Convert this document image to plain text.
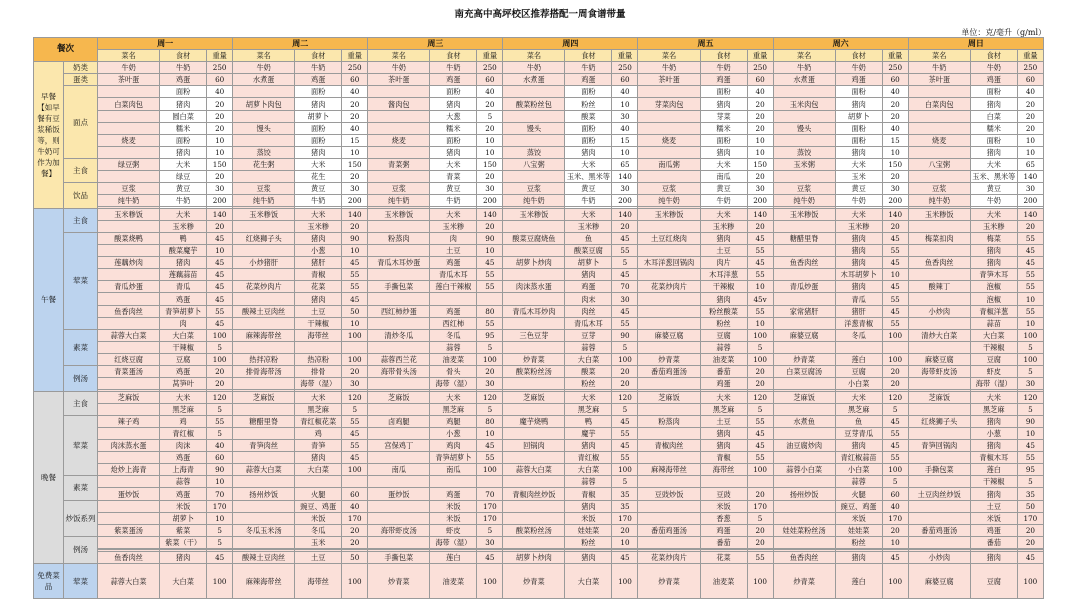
南充高中高坪校区推荐搭配一周食谱带量
单位：克/毫升（g/ml）
餐次		周一			周二			周三			周四			周五			周六			周日		
		菜名	食材	重量	菜名	食材	重量	菜名	食材	重量	菜名	食材	重量	菜名	食材	重量	菜名	食材	重量	菜名	食材	重量
早餐【如早餐有豆浆稀饭等，则牛奶可作为加餐】	奶类	牛奶	牛奶	250	牛奶	牛奶	250	牛奶	牛奶	250	牛奶	牛奶	250	牛奶	牛奶	250	牛奶	牛奶	250	牛奶	牛奶	250
	蛋类	茶叶蛋	鸡蛋	60	水煮蛋	鸡蛋	60	茶叶蛋	鸡蛋	60	水煮蛋	鸡蛋	60	茶叶蛋	鸡蛋	60	水煮蛋	鸡蛋	60	茶叶蛋	鸡蛋	60
	面点		面粉	40		面粉	40		面粉	40		面粉	40		面粉	40		面粉	40		面粉	40
		白菜肉包	猪肉	20	胡萝卜肉包	猪肉	20	酱肉包	猪肉	20	酸菜粉丝包	粉丝	10	芽菜肉包	猪肉	20	玉米肉包	猪肉	20	白菜肉包	猪肉	20
			圆白菜	20		胡萝卜	20		大葱	5		酸菜	30		芽菜	20		胡萝卜	20		白菜	20
			糯米	20	馒头	面粉	40		糯米	20	馒头	面粉	40		糯米	20	馒头	面粉	40		糯米	20
		烧麦	面粉	10		面粉	15	烧麦	面粉	10		面粉	15	烧麦	面粉	10		面粉	15	烧麦	面粉	10
			猪肉	10	蒸饺	猪肉	10		猪肉	10	蒸饺	猪肉	10		猪肉	10	蒸饺	猪肉	10		猪肉	10
	主食	绿豆粥	大米	150	花生粥	大米	150	青菜粥	大米	150	八宝粥	大米	65	南瓜粥	大米	150	玉米粥	大米	150	八宝粥	大米	65
			绿豆	20		花生	20		青菜	20		玉米、黑米等	140		南瓜	20		玉米	20		玉米、黑米等	140
	饮品	豆浆	黄豆	30	豆浆	黄豆	30	豆浆	黄豆	30	豆浆	黄豆	30	豆浆	黄豆	30	豆浆	黄豆	30	豆浆	黄豆	30
		纯牛奶	牛奶	200	纯牛奶	牛奶	200	纯牛奶	牛奶	200	纯牛奶	牛奶	200	纯牛奶	牛奶	200	纯牛奶	牛奶	200	纯牛奶	牛奶	200

午餐	主食	玉米糁饭	大米	140	玉米糁饭	大米	140	玉米糁饭	大米	140	玉米糁饭	大米	140	玉米糁饭	大米	140	玉米糁饭	大米	140	玉米糁饭	大米	140
			玉米糁	20		玉米糁	20		玉米糁	20		玉米糁	20		玉米糁	20		玉米糁	20		玉米糁	20
	荤菜	酸菜烧鸭	鸭	45	红烧狮子头	猪肉	90	粉蒸肉	肉	90	酸菜豆腐烧鱼	鱼	45	土豆红烧肉	猪肉	45	糖醋里脊	猪肉	45	梅菜扣肉	梅菜	55
			酸菜魔芋	10		小葱	10		土豆	10		酸菜豆腐	55		土豆	55		猪肉	55		猪肉	45
		莲藕炒肉	猪肉	45	小炒猪肝	猪肝	45	青瓜木耳炒蛋	鸡蛋	45	胡萝卜炒肉	胡萝卜	5	木耳洋葱回锅肉	肉片	45	鱼香肉丝	猪肉	45	鱼香肉丝	猪肉	45
			莲藕蒜苗	45		青椒	55		青瓜木耳	55		猪肉	45		木耳洋葱	55		木耳胡萝卜	10		青笋木耳	55
		青瓜炒蛋	青瓜	45	花菜炒肉片	花菜	55	手撕包菜	莲白干辣椒	55	肉沫蒸水蛋	鸡蛋	70	花菜炒肉片	干辣椒	10	青瓜炒蛋	猪肉	45	酸辣丁	泡椒	55
			鸡蛋	45		猪肉	45					肉末	30		猪肉	45v		青瓜	55		泡椒	10
		鱼香肉丝	青笋胡萝卜	55	酸辣土豆肉丝	土豆	50	西红柿炒蛋	鸡蛋	80	青瓜木耳炒肉	肉丝	45		粉丝酸菜	55	家常猪肝	猪肝	45	小炒肉	青椒洋葱	55
			肉	45		干辣椒	10		西红柿	55		青瓜木耳	55		粉丝	10		洋葱青椒	55		蒜苗	10
	素菜	蒜蓉大白菜	大白菜	100	麻辣海带丝	海带丝	100	清炒冬瓜	冬瓜	95	三色豆芽	豆芽	90	麻婆豆腐	豆腐	100	麻婆豆腐	冬瓜	100	清炒大白菜	大白菜	100
			干辣椒	5					蒜蓉	5		蒜蓉	5		蒜蓉	5					干辣椒	5
		红烧豆腐	豆腐	100	热拌凉粉	热凉粉	100	蒜蓉西兰花	油麦菜	100	炒青菜	大白菜	100	炒青菜	油麦菜	100	炒青菜	莲白	100	麻婆豆腐	豆腐	100
	例汤	青菜蛋汤	鸡蛋	20	排骨海带汤	排骨	20	海带骨头汤	骨头	20	酸菜粉丝汤	酸菜	20	番茄鸡蛋汤	番茄	20	白菜豆腐汤	豆腐	20	海带虾皮汤	虾皮	5
			莴笋叶	20		海带（湿）	30		海带（湿）	30		粉丝	20		鸡蛋	20		小白菜	20		海带（湿）	30

晚餐	主食	芝麻饭	大米	120	芝麻饭	大米	120	芝麻饭	大米	120	芝麻饭	大米	120	芝麻饭	大米	120	芝麻饭	大米	120	芝麻饭	大米	120
			黑芝麻	5		黑芝麻	5		黑芝麻	5		黑芝麻	5		黑芝麻	5		黑芝麻	5		黑芝麻	5
	荤菜	辣子鸡	鸡	55	糖醋里脊	青红椒花菜	55	卤鸡腿	鸡腿	80	魔芋烧鸭	鸭	45	粉蒸肉	土豆	55	水煮鱼	鱼	45	红烧狮子头	猪肉	90
			青红椒	5		鸡	45		小葱	10		魔芋	55		猪肉	45		豆芽青瓜	55		小葱	10
		肉沫蒸水蛋	肉沫	40	青笋肉丝	青笋	55	宫保鸡丁	鸡肉	45	回锅肉	猪肉	45	青椒肉丝	猪肉	45	油豆腐炒肉	猪肉	45	青笋回锅肉	猪肉	45
			鸡蛋	60		猪肉	45		青笋胡萝卜	55		青红椒	55		青椒	55		青红椒蒜苗	55		青椒木耳	55
		炝炒上海青	上海青	90	蒜蓉大白菜	大白菜	100	南瓜	南瓜	100	蒜蓉大白菜	大白菜	100	麻辣海带丝	海带丝	100	蒜蓉小白菜	小白菜	100	手撕包菜	莲白	95
	素菜		蒜蓉	10								蒜蓉	5					蒜蓉	5		干辣椒	5
		蛋炒饭	鸡蛋	70	扬州炒饭	火腿	60	蛋炒饭	鸡蛋	70	青椒肉丝炒饭	青椒	35	豆豉炒饭	豆豉	20	扬州炒饭	火腿	60	土豆肉丝炒饭	猪肉	35
	炒饭系列		米饭	170		豌豆、鸡蛋	40		米饭	170		猪肉	35		米饭	170		豌豆、鸡蛋	40		土豆	50
			胡萝卜	10		米饭	170		米饭	170		米饭	170		香葱	5		米饭	170		米饭	170
		紫菜蛋汤	紫菜	5	冬瓜玉米汤	冬瓜	20	海带虾皮汤	虾皮	5	酸菜粉丝汤	娃娃菜	20	番茄鸡蛋汤	鸡蛋	20	娃娃菜粉丝汤	娃娃菜	20	番茄鸡蛋汤	鸡蛋	20
	例汤		紫菜（干）	5		玉米	20		海带（湿）	30		粉丝	10		番茄	20		粉丝	10		番茄	20

		鱼香肉丝	猪肉	45	酸辣土豆肉丝	土豆	50	手撕包菜	莲白	45	胡萝卜炒肉	猪肉	45	花菜炒肉片	花菜	55	鱼香肉丝	猪肉	45	小炒肉	猪肉	45
免费菜品	荤菜	蒜蓉大白菜	大白菜	100	麻辣海带丝	海带丝	100	炒青菜	油麦菜	100	炒青菜	大白菜	100	炒青菜	油麦菜	100	炒青菜	莲白	100	麻婆豆腐	豆腐	100
